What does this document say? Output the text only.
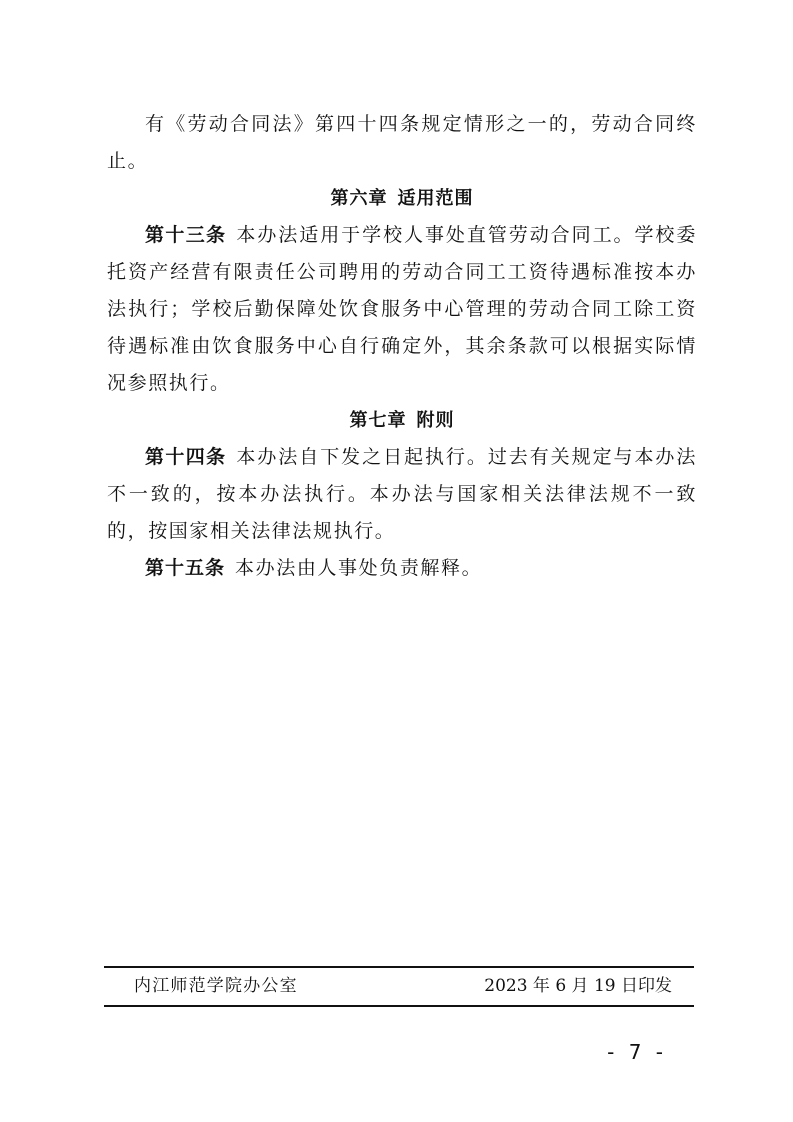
有《劳动合同法》第四十四条规定情形之一的，劳动合同终止。

第六章 适用范围

第十三条 本办法适用于学校人事处直管劳动合同工。学校委托资产经营有限责任公司聘用的劳动合同工工资待遇标准按本办法执行；学校后勤保障处饮食服务中心管理的劳动合同工除工资待遇标准由饮食服务中心自行确定外，其余条款可以根据实际情况参照执行。

第七章 附则

第十四条 本办法自下发之日起执行。过去有关规定与本办法不一致的，按本办法执行。本办法与国家相关法律法规不一致的，按国家相关法律法规执行。

第十五条 本办法由人事处负责解释。

内江师范学院办公室	2023 年 6 月 19 日印发
- 7 -
